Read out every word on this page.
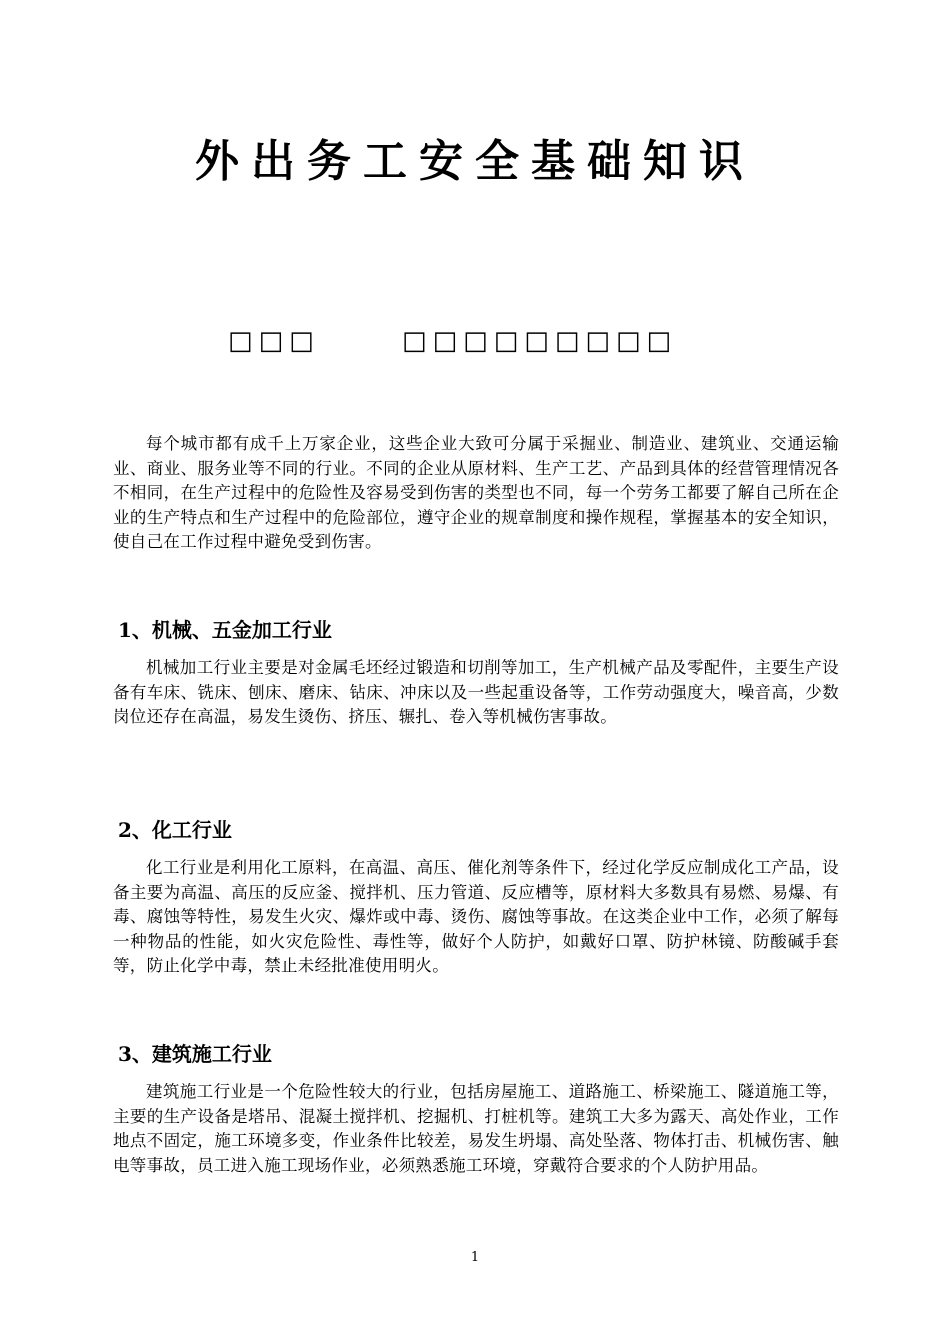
外出务工安全基础知识

□□□	□□□□□□□□□

每个城市都有成千上万家企业，这些企业大致可分属于采掘业、制造业、建筑业、交通运输业、商业、服务业等不同的行业。不同的企业从原材料、生产工艺、产品到具体的经营管理情况各不相同，在生产过程中的危险性及容易受到伤害的类型也不同，每一个劳务工都要了解自己所在企业的生产特点和生产过程中的危险部位，遵守企业的规章制度和操作规程，掌握基本的安全知识，使自己在工作过程中避免受到伤害。

1、机械、五金加工行业

机械加工行业主要是对金属毛坯经过锻造和切削等加工，生产机械产品及零配件，主要生产设备有车床、铣床、刨床、磨床、钻床、冲床以及一些起重设备等，工作劳动强度大，噪音高，少数岗位还存在高温，易发生烫伤、挤压、辗扎、卷入等机械伤害事故。

2、化工行业

化工行业是利用化工原料，在高温、高压、催化剂等条件下，经过化学反应制成化工产品，设备主要为高温、高压的反应釜、搅拌机、压力管道、反应槽等，原材料大多数具有易燃、易爆、有毒、腐蚀等特性，易发生火灾、爆炸或中毒、烫伤、腐蚀等事故。在这类企业中工作，必须了解每一种物品的性能，如火灾危险性、毒性等，做好个人防护，如戴好口罩、防护林镜、防酸碱手套等，防止化学中毒，禁止未经批准使用明火。

3、建筑施工行业

建筑施工行业是一个危险性较大的行业，包括房屋施工、道路施工、桥梁施工、隧道施工等，主要的生产设备是塔吊、混凝土搅拌机、挖掘机、打桩机等。建筑工大多为露天、高处作业，工作地点不固定，施工环境多变，作业条件比较差，易发生坍塌、高处坠落、物体打击、机械伤害、触电等事故，员工进入施工现场作业，必须熟悉施工环境，穿戴符合要求的个人防护用品。

1
